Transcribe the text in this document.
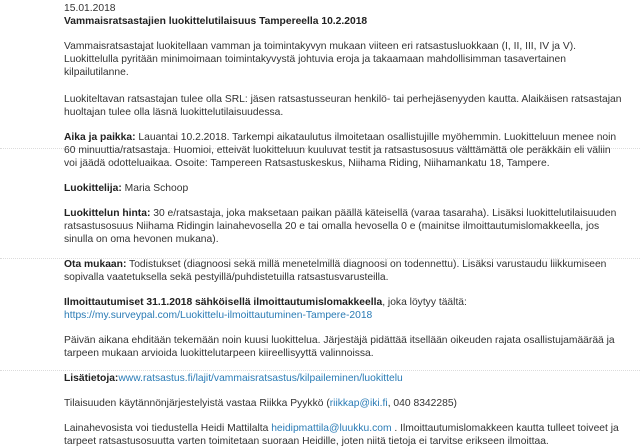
15.01.2018

Vammaisratsastajien luokittelutilaisuus Tampereella 10.2.2018

Vammaisratsastajat luokitellaan vamman ja toimintakyvyn mukaan viiteen eri ratsastusluokkaan (I, II, III, IV ja V). Luokittelulla pyritään minimoimaan toimintakyvystä johtuvia eroja ja takaamaan mahdollisimman tasavertainen kilpailutilanne.

Luokiteltavan ratsastajan tulee olla SRL: jäsen ratsastusseuran henkilö- tai perhejäsenyyden kautta. Alaikäisen ratsastajan huoltajan tulee olla läsnä luokittelutilaisuudessa.

Aika ja paikka: Lauantai 10.2.2018. Tarkempi aikataulutus ilmoitetaan osallistujille myöhemmin. Luokitteluun menee noin 60 minuuttia/ratsastaja. Huomioi, etteivät luokitteluun kuuluvat testit ja ratsastusosuus välttämättä ole peräkkäin eli väliin voi jäädä odotteluaikaa. Osoite: Tampereen Ratsastuskeskus, Niihama Riding, Niihamankatu 18, Tampere.

Luokittelija: Maria Schoop

Luokittelun hinta: 30 e/ratsastaja, joka maksetaan paikan päällä käteisellä (varaa tasaraha). Lisäksi luokittelutilaisuuden ratsastusosuus Niihama Ridingin lainahevosella 20 e tai omalla hevosella 0 e (mainitse ilmoittautumislomakkeella, jos sinulla on oma hevonen mukana).

Ota mukaan: Todistukset (diagnoosi sekä millä menetelmillä diagnoosi on todennettu). Lisäksi varustaudu liikkumiseen sopivalla vaatetuksella sekä pestyillä/puhdistetuilla ratsastusvarusteilla.

Ilmoittautumiset 31.1.2018 sähköisellä ilmoittautumislomakkeella, joka löytyy täältä: https://my.surveypal.com/Luokittelu-ilmoittautuminen-Tampere-2018

Päivän aikana ehditään tekemään noin kuusi luokittelua. Järjestäjä pidättää itsellään oikeuden rajata osallistujamäärää ja tarpeen mukaan arvioida luokittelutarpeen kiireellisyyttä valinnoissa.

Lisätietoja:www.ratsastus.fi/lajit/vammaisratsastus/kilpaileminen/luokittelu

Tilaisuuden käytännönjärjestelyistä vastaa Riikka Pyykkö (riikkap@iki.fi, 040 8342285)

Lainahevosista voi tiedustella Heidi Mattilalta heidipmattila@luukku.com . Ilmoittautumislomakkeen kautta tulleet toiveet ja tarpeet ratsastusosuutta varten toimitetaan suoraan Heidille, joten niitä tietoja ei tarvitse erikseen ilmoittaa.
